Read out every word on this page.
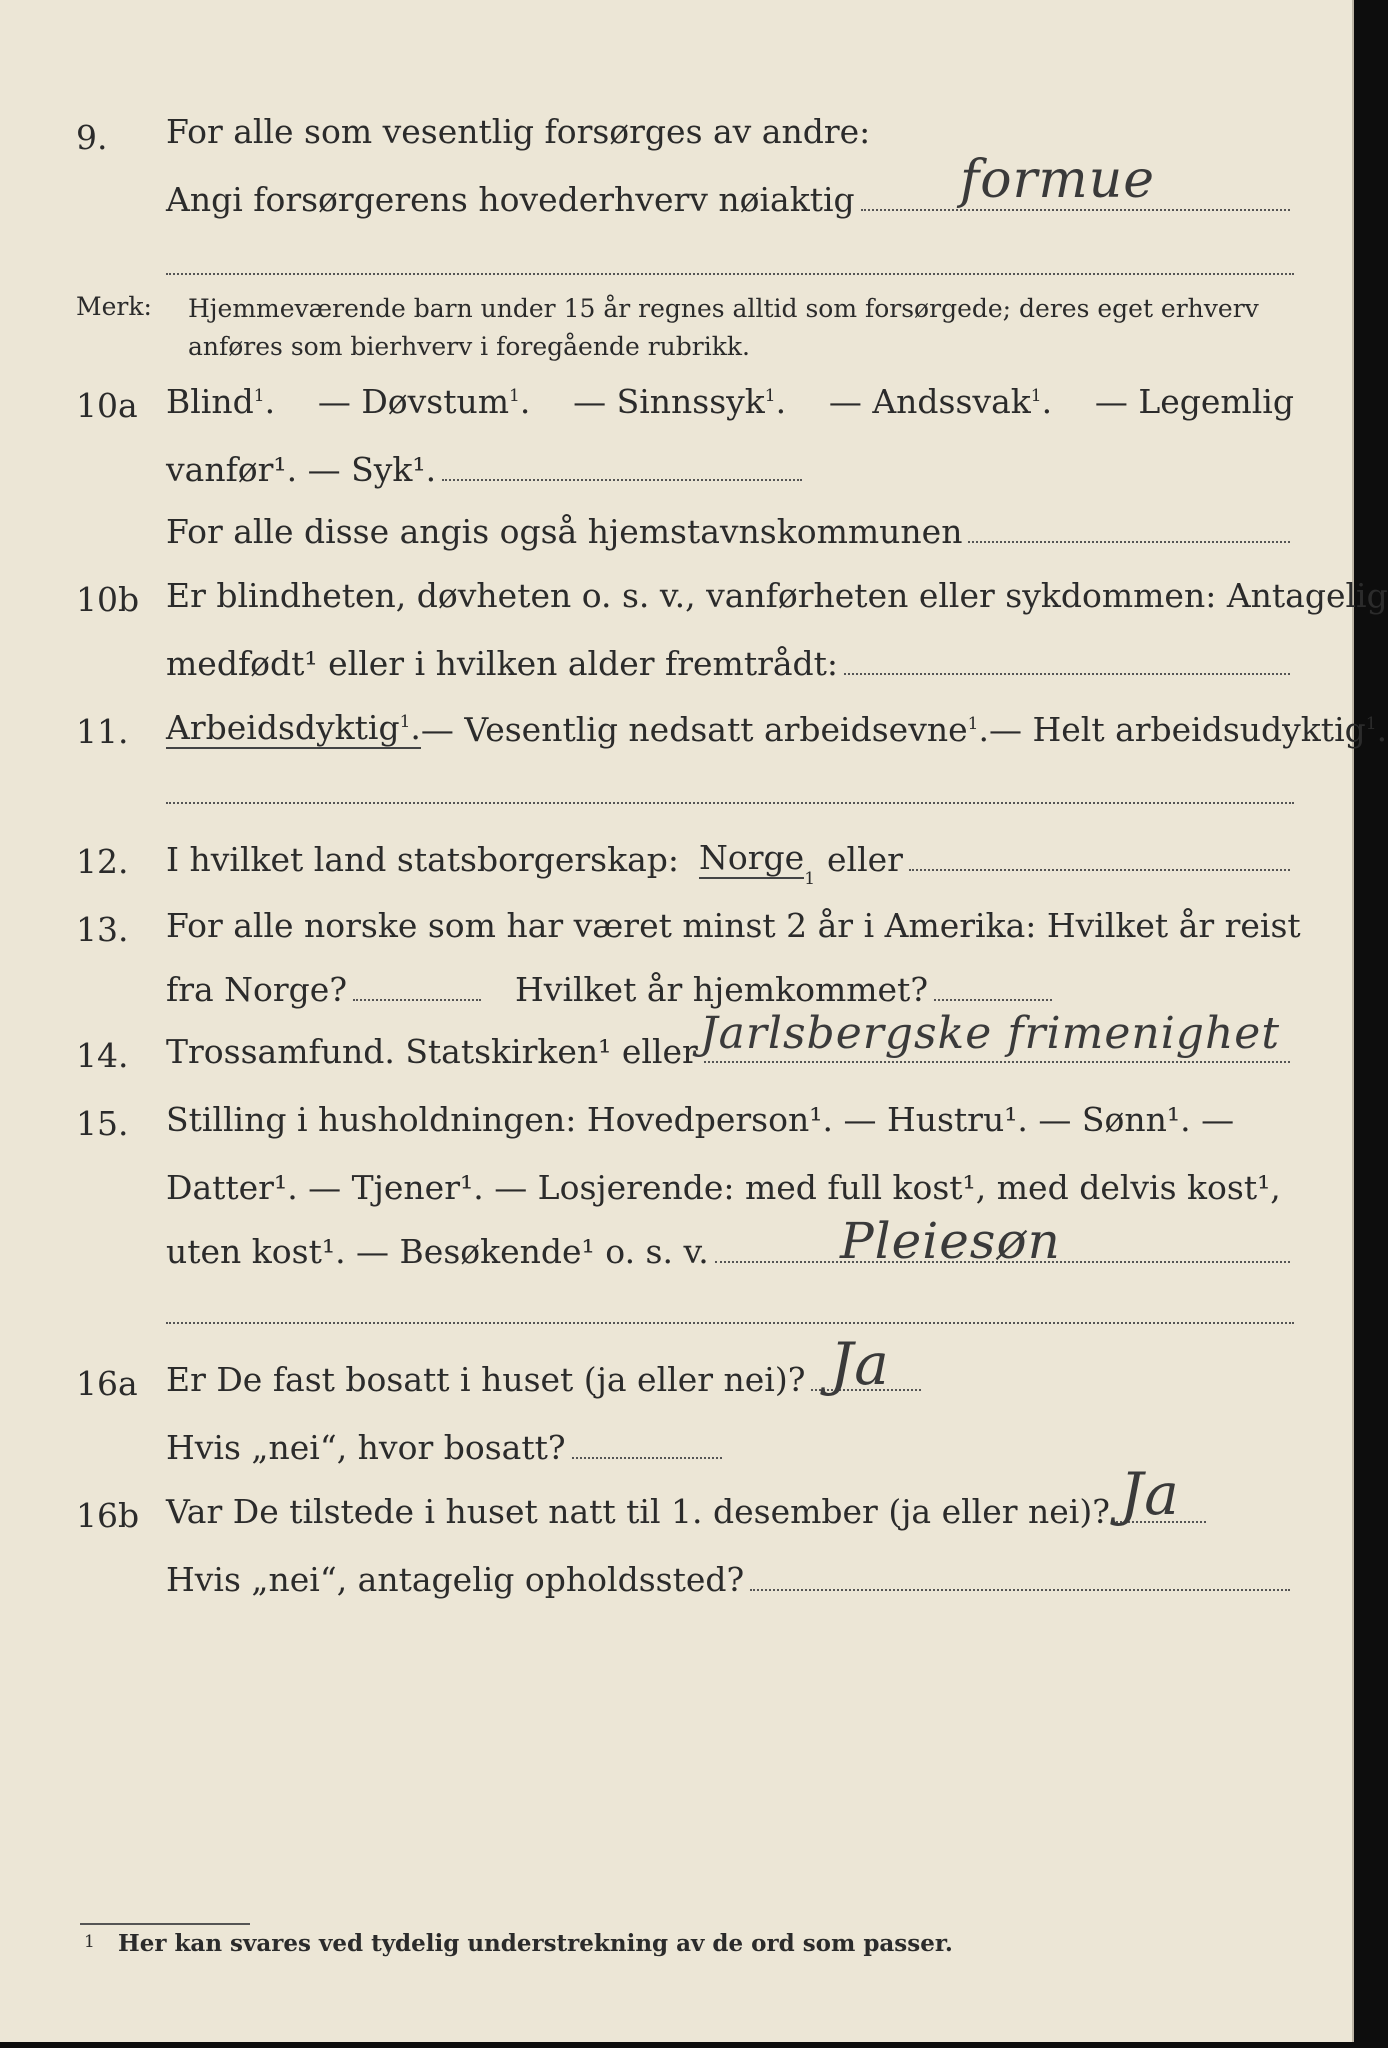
9. For alle som vesentlig forsørges av andre:
Angi forsørgerens hovederhverv nøiaktig formue
Merk: Hjemmeværende barn under 15 år regnes alltid som forsørgede; deres eget erhverv anføres som bierhverv i foregående rubrikk.
10a Blind$^1$. — Døvstum$^1$. — Sinnssyk$^1$. — Andssvak$^1$. — Legemlig
vanfør¹. — Syk¹.
For alle disse angis også hjemstavnskommunen
10b Er blindheten, døvheten o. s. v., vanførheten eller sykdommen: Antagelig
medfødt¹ eller i hvilken alder fremtrådt:
11. Arbeidsdyktig$^1$. — Vesentlig nedsatt arbeidsevne$^1$. — Helt arbeidsudyktig$^1$.
12. I hvilket land statsborgerskap: Norge
1 eller
13. For alle norske som har været minst 2 år i Amerika: Hvilket år reist
fra Norge?	Hvilket år hjemkommet?
14. Trossamfund. Statskirken¹ eller Jarlsbergske frimenighet
15. Stilling i husholdningen: Hovedperson¹. — Hustru¹. — Sønn¹. —
Datter¹. — Tjener¹. — Losjerende: med full kost¹, med delvis kost¹,
uten kost¹. — Besøkende¹ o. s. v.	Pleiesøn
16a Er De fast bosatt i huset (ja eller nei)? Ja
Hvis „nei“, hvor bosatt?
16b Var De tilstede i huset natt til 1. desember (ja eller nei)? Ja
Hvis „nei“, antagelig opholdssted?
1 Her kan svares ved tydelig understrekning av de ord som passer.
